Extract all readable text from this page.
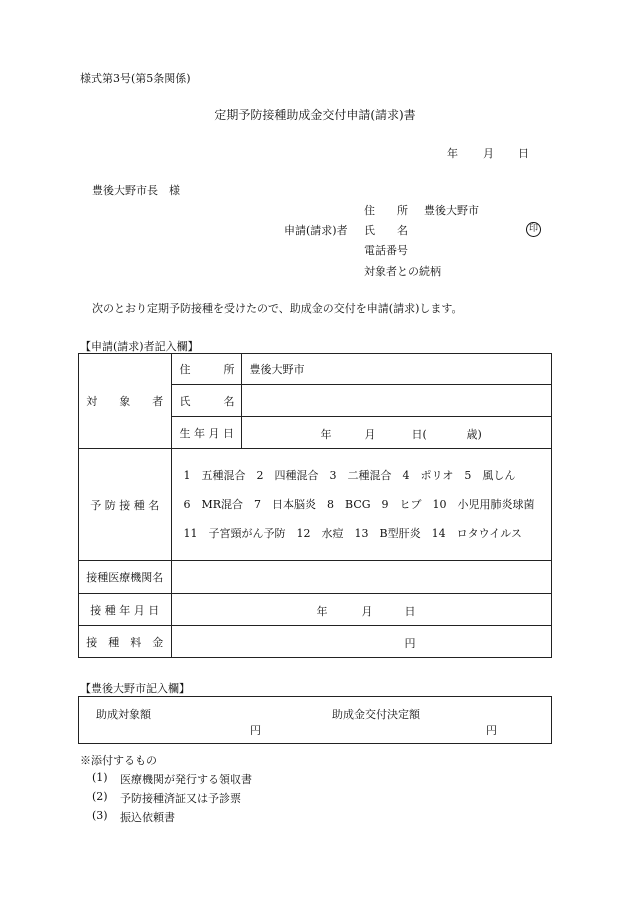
様式第3号(第5条関係)
定期予防接種助成金交付申請(請求)書
年 月 日
豊後大野市長　様
住　　所 豊後大野市
申請(請求)者 氏　　名	印
電話番号
対象者との続柄
次のとおり定期予防接種を受けたので、助成金の交付を申請(請求)します。
【申請(請求)者記入欄】
対　　象　　者	住　　　所	豊後大野市
	氏　　　名	
	生 年 月 日	年 月 日( 歳)

予 防 接 種 名	1　五種混合　2　四種混合　3　二種混合　4　ポリオ　5　風しん
6　MR混合　7　日本脳炎　8　BCG　9　ヒブ　10　小児用肺炎球菌
11　子宮頸がん予防　12　水痘　13　B型肝炎　14　ロタウイルス	

接種医療機関名		
接 種 年 月 日	年 月 日	

接　種　料　金	円	
【豊後大野市記入欄】
助成対象額
円
助成金交付決定額
円
※添付するもの
(1) 医療機関が発行する領収書
(2) 予防接種済証又は予診票
(3) 振込依頼書
